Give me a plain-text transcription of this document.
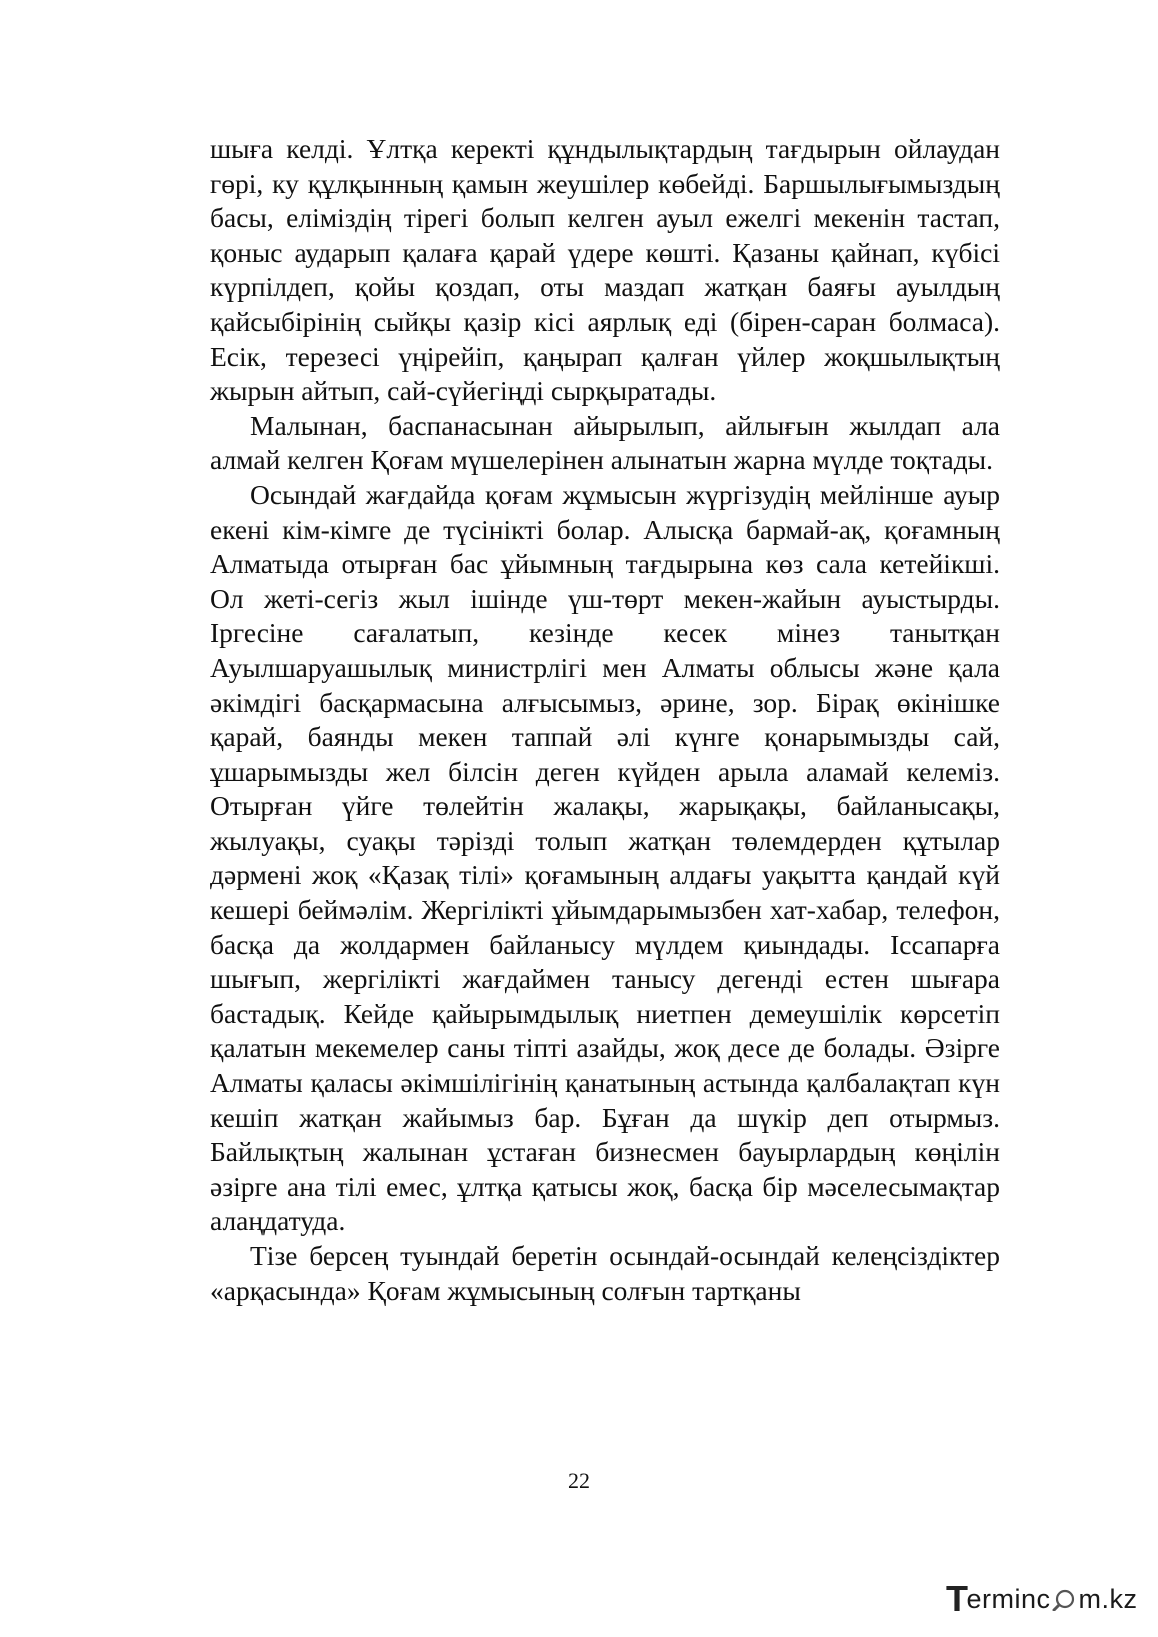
шыға келді. Ұлтқа керекті құндылықтардың тағдырын ойлаудан гөрі, ку құлқынның қамын жеушілер көбейді. Баршылығымыздың басы, еліміздің тірегі болып келген ауыл ежелгі мекенін тастап, қоныс аударып қалаға қарай үдере көшті. Қазаны қайнап, күбісі күрпілдеп, қойы қоздап, оты маздап жатқан баяғы ауылдың қайсыбірінің сыйқы қазір кісі аярлық еді (бірен-саран болмаса). Есік, терезесі үңірейіп, қаңырап қалған үйлер жоқшылықтың жырын айтып, сай-сүйегіңді сырқыратады.

Малынан, баспанасынан айырылып, айлығын жылдап ала алмай келген Қоғам мүшелерінен алынатын жарна мүлде тоқтады.

Осындай жағдайда қоғам жұмысын жүргізудің мейлінше ауыр екені кім-кімге де түсінікті болар. Алысқа бармай-ақ, қоғамның Алматыда отырған бас ұйымның тағдырына көз сала кетейікші. Ол жеті-сегіз жыл ішінде үш-төрт мекен-жайын ауыстырды. Іргесіне сағалатып, кезінде кесек мінез танытқан Ауылшаруашылық министрлігі мен Алматы облысы және қала әкімдігі басқармасына алғысымыз, әрине, зор. Бірақ өкінішке қарай, баянды мекен таппай әлі күнге қонарымызды сай, ұшарымызды жел білсін деген күйден арыла аламай келеміз. Отырған үйге төлейтін жалақы, жарықақы, байланысақы, жылуақы, суақы тәрізді толып жатқан төлемдерден құтылар дәрмені жоқ «Қазақ тілі» қоғамының алдағы уақытта қандай күй кешері беймәлім. Жергілікті ұйымдарымызбен хат-хабар, телефон, басқа да жолдармен байланысу мүлдем қиындады. Іссапарға шығып, жергілікті жағдаймен танысу дегенді естен шығара бастадық. Кейде қайырымдылық ниетпен демеушілік көрсетіп қалатын мекемелер саны тіпті азайды, жоқ десе де болады. Әзірге Алматы қаласы әкімшілігінің қанатының астында қалбалақтап күн кешіп жатқан жайымыз бар. Бұған да шүкір деп отырмыз. Байлықтың жалынан ұстаған бизнесмен бауырлардың көңілін әзірге ана тілі емес, ұлтқа қатысы жоқ, басқа бір мәселесымақтар алаңдатуда.

Тізе берсең туындай беретін осындай-осындай келеңсіздіктер «арқасында» Қоғам жұмысының солғын тартқаны

22
T
erminc m.kz
